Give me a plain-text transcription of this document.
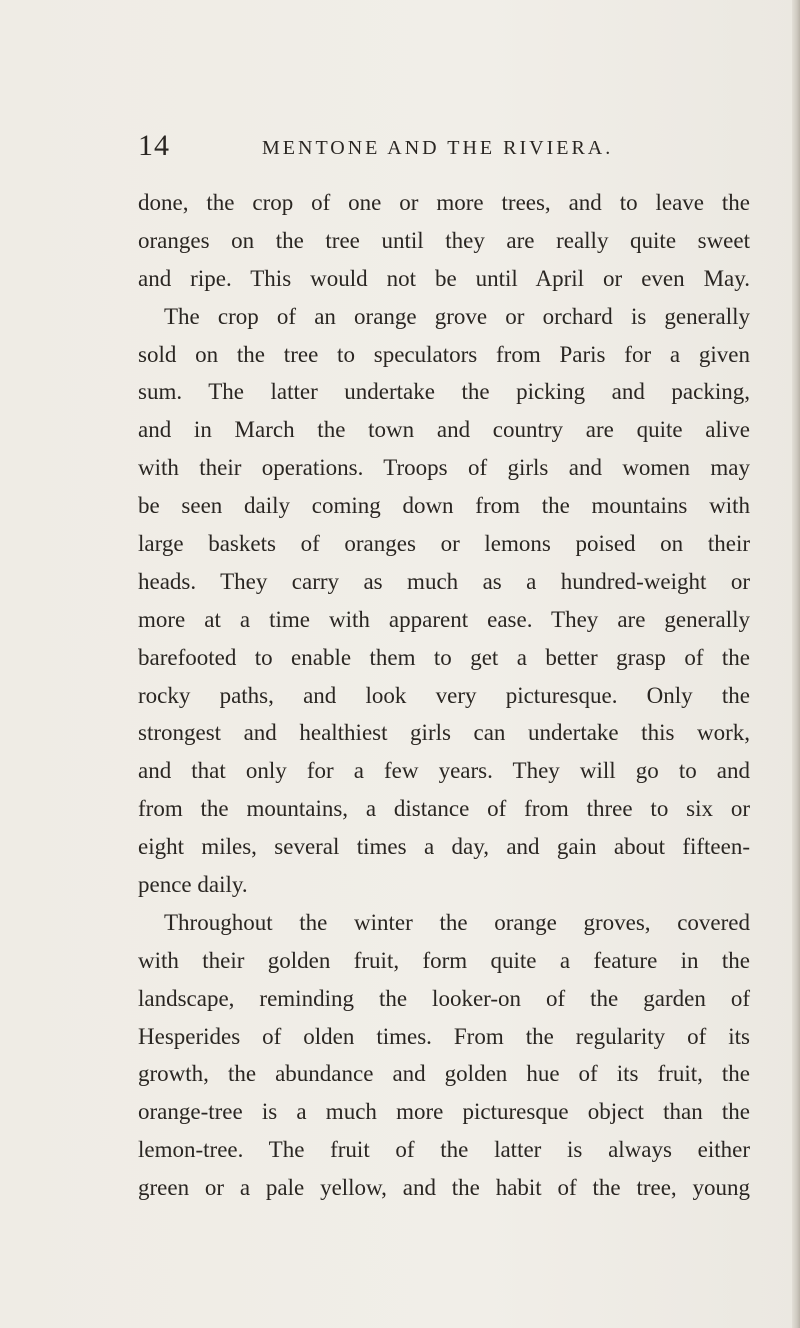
14	MENTONE AND THE RIVIERA.
done, the crop of one or more trees, and to leave the
oranges on the tree until they are really quite sweet
and ripe. This would not be until April or even May.
The crop of an orange grove or orchard is generally
sold on the tree to speculators from Paris for a given
sum. The latter undertake the picking and packing,
and in March the town and country are quite alive
with their operations. Troops of girls and women may
be seen daily coming down from the mountains with
large baskets of oranges or lemons poised on their
heads. They carry as much as a hundred-weight or
more at a time with apparent ease. They are generally
barefooted to enable them to get a better grasp of the
rocky paths, and look very picturesque. Only the
strongest and healthiest girls can undertake this work,
and that only for a few years. They will go to and
from the mountains, a distance of from three to six or
eight miles, several times a day, and gain about fifteen-
pence daily.
Throughout the winter the orange groves, covered
with their golden fruit, form quite a feature in the
landscape, reminding the looker-on of the garden of
Hesperides of olden times. From the regularity of its
growth, the abundance and golden hue of its fruit, the
orange-tree is a much more picturesque object than the
lemon-tree. The fruit of the latter is always either
green or a pale yellow, and the habit of the tree, young
